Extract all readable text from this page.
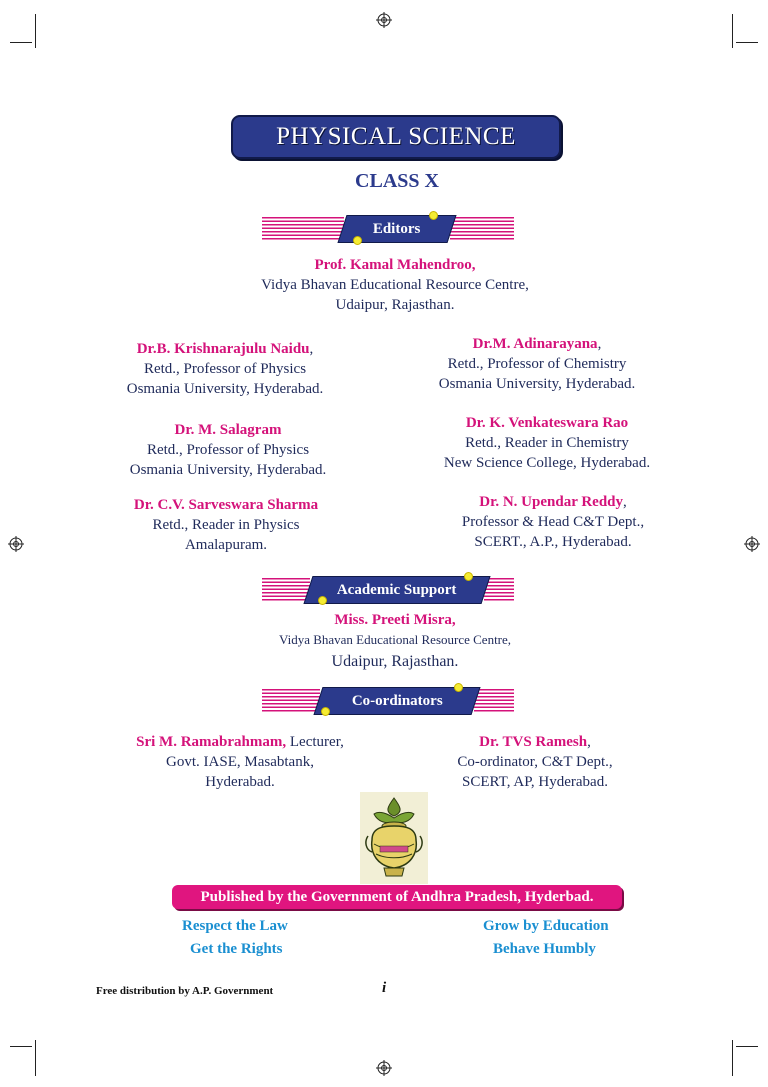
PHYSICAL SCIENCE
CLASS X
Editors
Prof. Kamal Mahendroo,
Vidya Bhavan Educational Resource Centre,
Udaipur, Rajasthan.
Dr.B. Krishnarajulu Naidu,
Retd., Professor of Physics
Osmania University, Hyderabad.
Dr. M. Salagram
Retd., Professor of Physics
Osmania University, Hyderabad.
Dr. C.V. Sarveswara Sharma
Retd., Reader in Physics
Amalapuram.
Dr.M. Adinarayana,
Retd., Professor of Chemistry
Osmania University, Hyderabad.
Dr. K. Venkateswara Rao
Retd., Reader in Chemistry
New Science College, Hyderabad.
Dr. N. Upendar Reddy,
Professor & Head C&T Dept.,
SCERT., A.P., Hyderabad.
Academic Support
Miss. Preeti Misra,
Vidya Bhavan Educational Resource Centre,
Udaipur, Rajasthan.
Co-ordinators
Sri M. Ramabrahmam, Lecturer,
Govt. IASE, Masabtank,
Hyderabad.
Dr. TVS Ramesh,
Co-ordinator, C&T Dept.,
SCERT, AP, Hyderabad.
Published by the Government of Andhra Pradesh, Hyderbad.
Respect the Law
Get the Rights
Grow by Education
Behave Humbly
Free distribution by A.P. Government	i
